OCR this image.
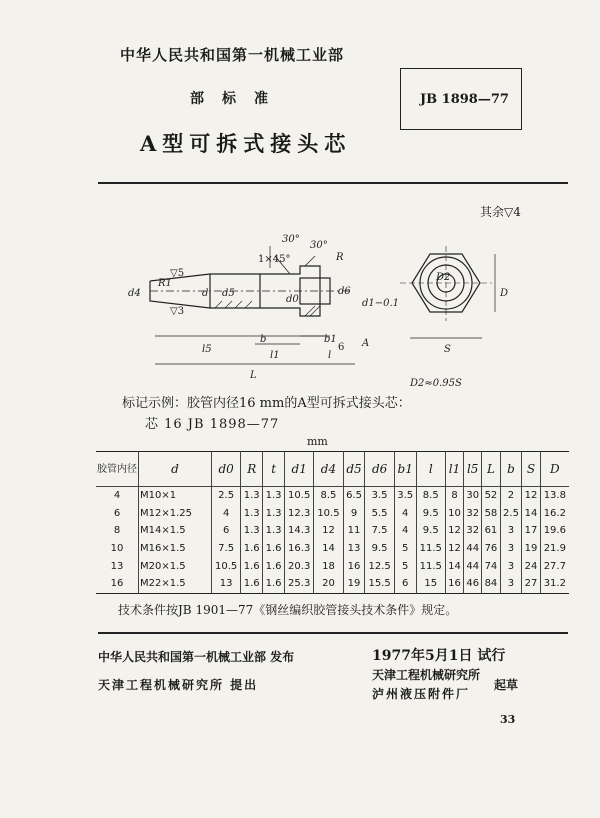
中华人民共和国第一机械工业部
部标准
A型可拆式接头芯
JB 1898—77
其余▽4
30°
30°
1×45°	R
R1
▽5
▽3
6
d4	d d5
d0
d6
d1−0.1
D2
D
S
l5
L
b
l1
b1
l
A
D2≈0.95S
标记示例：胶管内径16 mm的A型可拆式接头芯：
芯 16 JB 1898—77
mm
胶管内径	d	d0	R	t	d1	d4	d5	d6	b1	l	l1	l5	L	b	S	D
4	M10×1	2.5	1.3	1.3	10.5	8.5	6.5	3.5	3.5	8.5	8	30	52	2	12	13.8
6	M12×1.25	4	1.3	1.3	12.3	10.5	9	5.5	4	9.5	10	32	58	2.5	14	16.2
8	M14×1.5	6	1.3	1.3	14.3	12	11	7.5	4	9.5	12	32	61	3	17	19.6
10	M16×1.5	7.5	1.6	1.6	16.3	14	13	9.5	5	11.5	12	44	76	3	19	21.9
13	M20×1.5	10.5	1.6	1.6	20.3	18	16	12.5	5	11.5	14	44	74	3	24	27.7
16	M22×1.5	13	1.6	1.6	25.3	20	19	15.5	6	15	16	46	84	3	27	31.2
技术条件按JB 1901—77《钢丝编织胶管接头技术条件》规定。
中华人民共和国第一机械工业部 发布
天津工程机械研究所 提出
1977年5月1日 试行
天津工程机械研究所
泸州液压附件厂
起草
33
